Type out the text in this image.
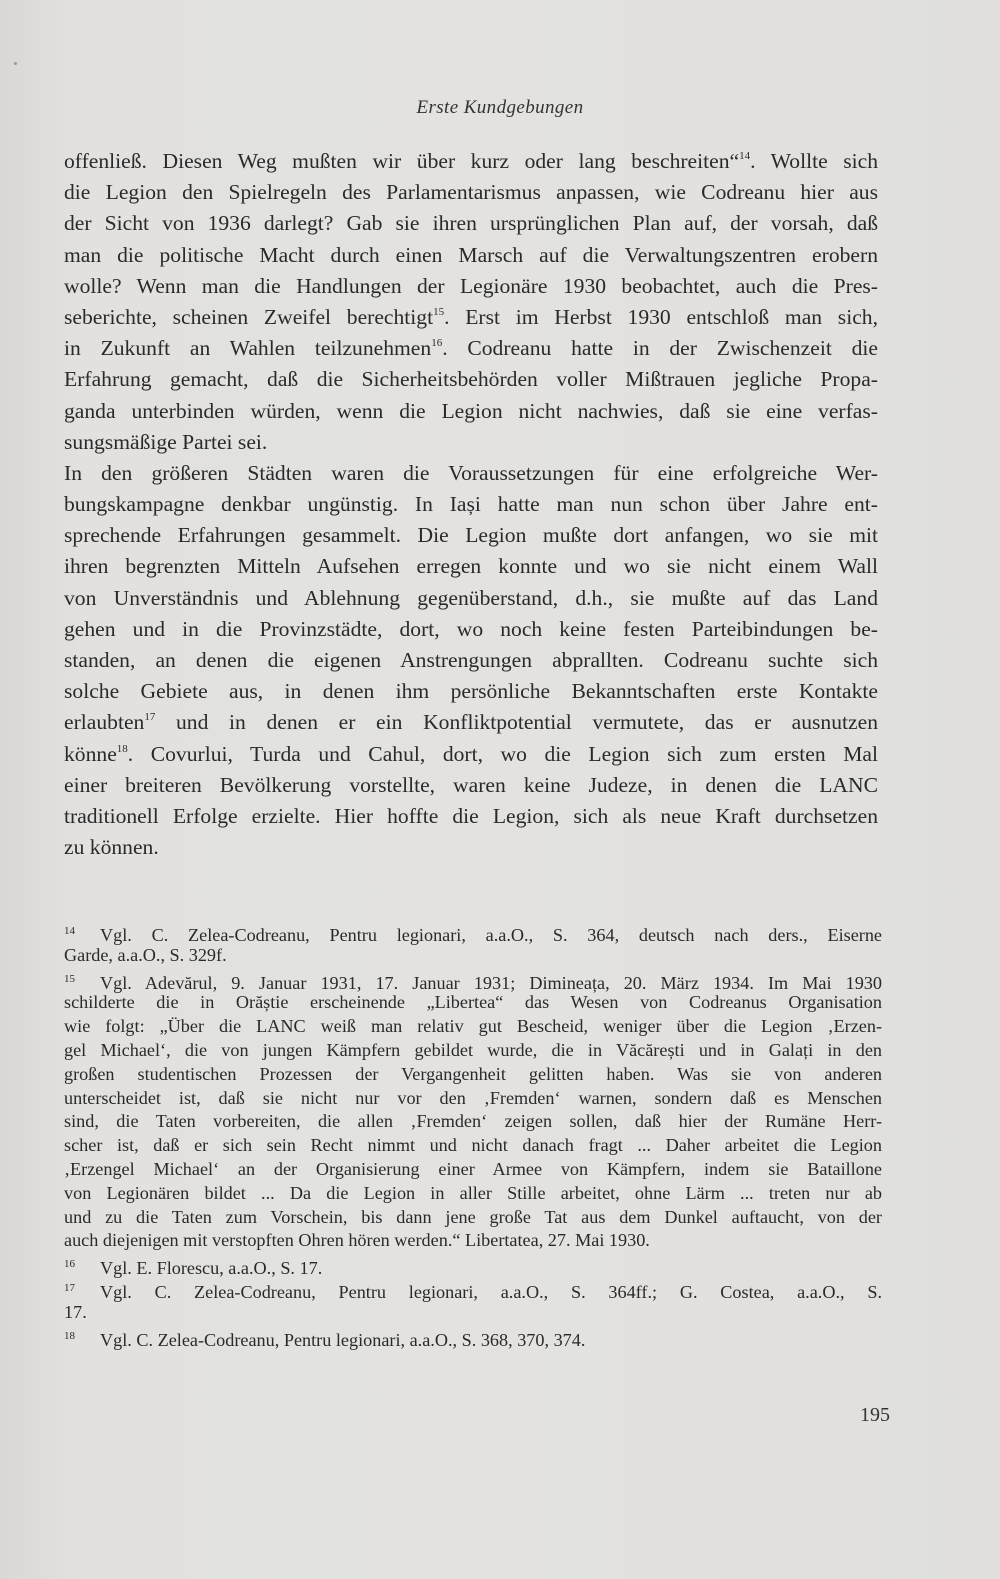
Erste Kundgebungen
offenließ. Diesen Weg mußten wir über kurz oder lang beschreiten“$^{14}$. Wollte sich
die Legion den Spielregeln des Parlamentarismus anpassen, wie Codreanu hier aus
der Sicht von 1936 darlegt? Gab sie ihren ursprünglichen Plan auf, der vorsah, daß
man die politische Macht durch einen Marsch auf die Verwaltungszentren erobern
wolle? Wenn man die Handlungen der Legionäre 1930 beobachtet, auch die Pres-
seberichte, scheinen Zweifel berechtigt$^{15}$. Erst im Herbst 1930 entschloß man sich,
in Zukunft an Wahlen teilzunehmen$^{16}$. Codreanu hatte in der Zwischenzeit die
Erfahrung gemacht, daß die Sicherheitsbehörden voller Mißtrauen jegliche Propa-
ganda unterbinden würden, wenn die Legion nicht nachwies, daß sie eine verfas-
sungsmäßige Partei sei.
In den größeren Städten waren die Voraussetzungen für eine erfolgreiche Wer-
bungskampagne denkbar ungünstig. In Iași hatte man nun schon über Jahre ent-
sprechende Erfahrungen gesammelt. Die Legion mußte dort anfangen, wo sie mit
ihren begrenzten Mitteln Aufsehen erregen konnte und wo sie nicht einem Wall
von Unverständnis und Ablehnung gegenüberstand, d.h., sie mußte auf das Land
gehen und in die Provinzstädte, dort, wo noch keine festen Parteibindungen be-
standen, an denen die eigenen Anstrengungen abprallten. Codreanu suchte sich
solche Gebiete aus, in denen ihm persönliche Bekanntschaften erste Kontakte
erlaubten$^{17}$ und in denen er ein Konfliktpotential vermutete, das er ausnutzen
könne$^{18}$. Covurlui, Turda und Cahul, dort, wo die Legion sich zum ersten Mal
einer breiteren Bevölkerung vorstellte, waren keine Judeze, in denen die LANC
traditionell Erfolge erzielte. Hier hoffte die Legion, sich als neue Kraft durchsetzen
zu können.
14 Vgl. C. Zelea-Codreanu, Pentru legionari, a.a.O., S. 364, deutsch nach ders., Eiserne
Garde, a.a.O., S. 329f.
15 Vgl. Adevărul, 9. Januar 1931, 17. Januar 1931; Dimineața, 20. März 1934. Im Mai 1930
schilderte die in Orăștie erscheinende „Libertea“ das Wesen von Codreanus Organisation
wie folgt: „Über die LANC weiß man relativ gut Bescheid, weniger über die Legion ‚Erzen-
gel Michael‘, die von jungen Kämpfern gebildet wurde, die in Văcărești und in Galați in den
großen studentischen Prozessen der Vergangenheit gelitten haben. Was sie von anderen
unterscheidet ist, daß sie nicht nur vor den ‚Fremden‘ warnen, sondern daß es Menschen
sind, die Taten vorbereiten, die allen ‚Fremden‘ zeigen sollen, daß hier der Rumäne Herr-
scher ist, daß er sich sein Recht nimmt und nicht danach fragt ... Daher arbeitet die Legion
‚Erzengel Michael‘ an der Organisierung einer Armee von Kämpfern, indem sie Bataillone
von Legionären bildet ... Da die Legion in aller Stille arbeitet, ohne Lärm ... treten nur ab
und zu die Taten zum Vorschein, bis dann jene große Tat aus dem Dunkel auftaucht, von der
auch diejenigen mit verstopften Ohren hören werden.“ Libertatea, 27. Mai 1930.
16 Vgl. E. Florescu, a.a.O., S. 17.
17 Vgl. C. Zelea-Codreanu, Pentru legionari, a.a.O., S. 364ff.; G. Costea, a.a.O., S.
17.
18 Vgl. C. Zelea-Codreanu, Pentru legionari, a.a.O., S. 368, 370, 374.
195
